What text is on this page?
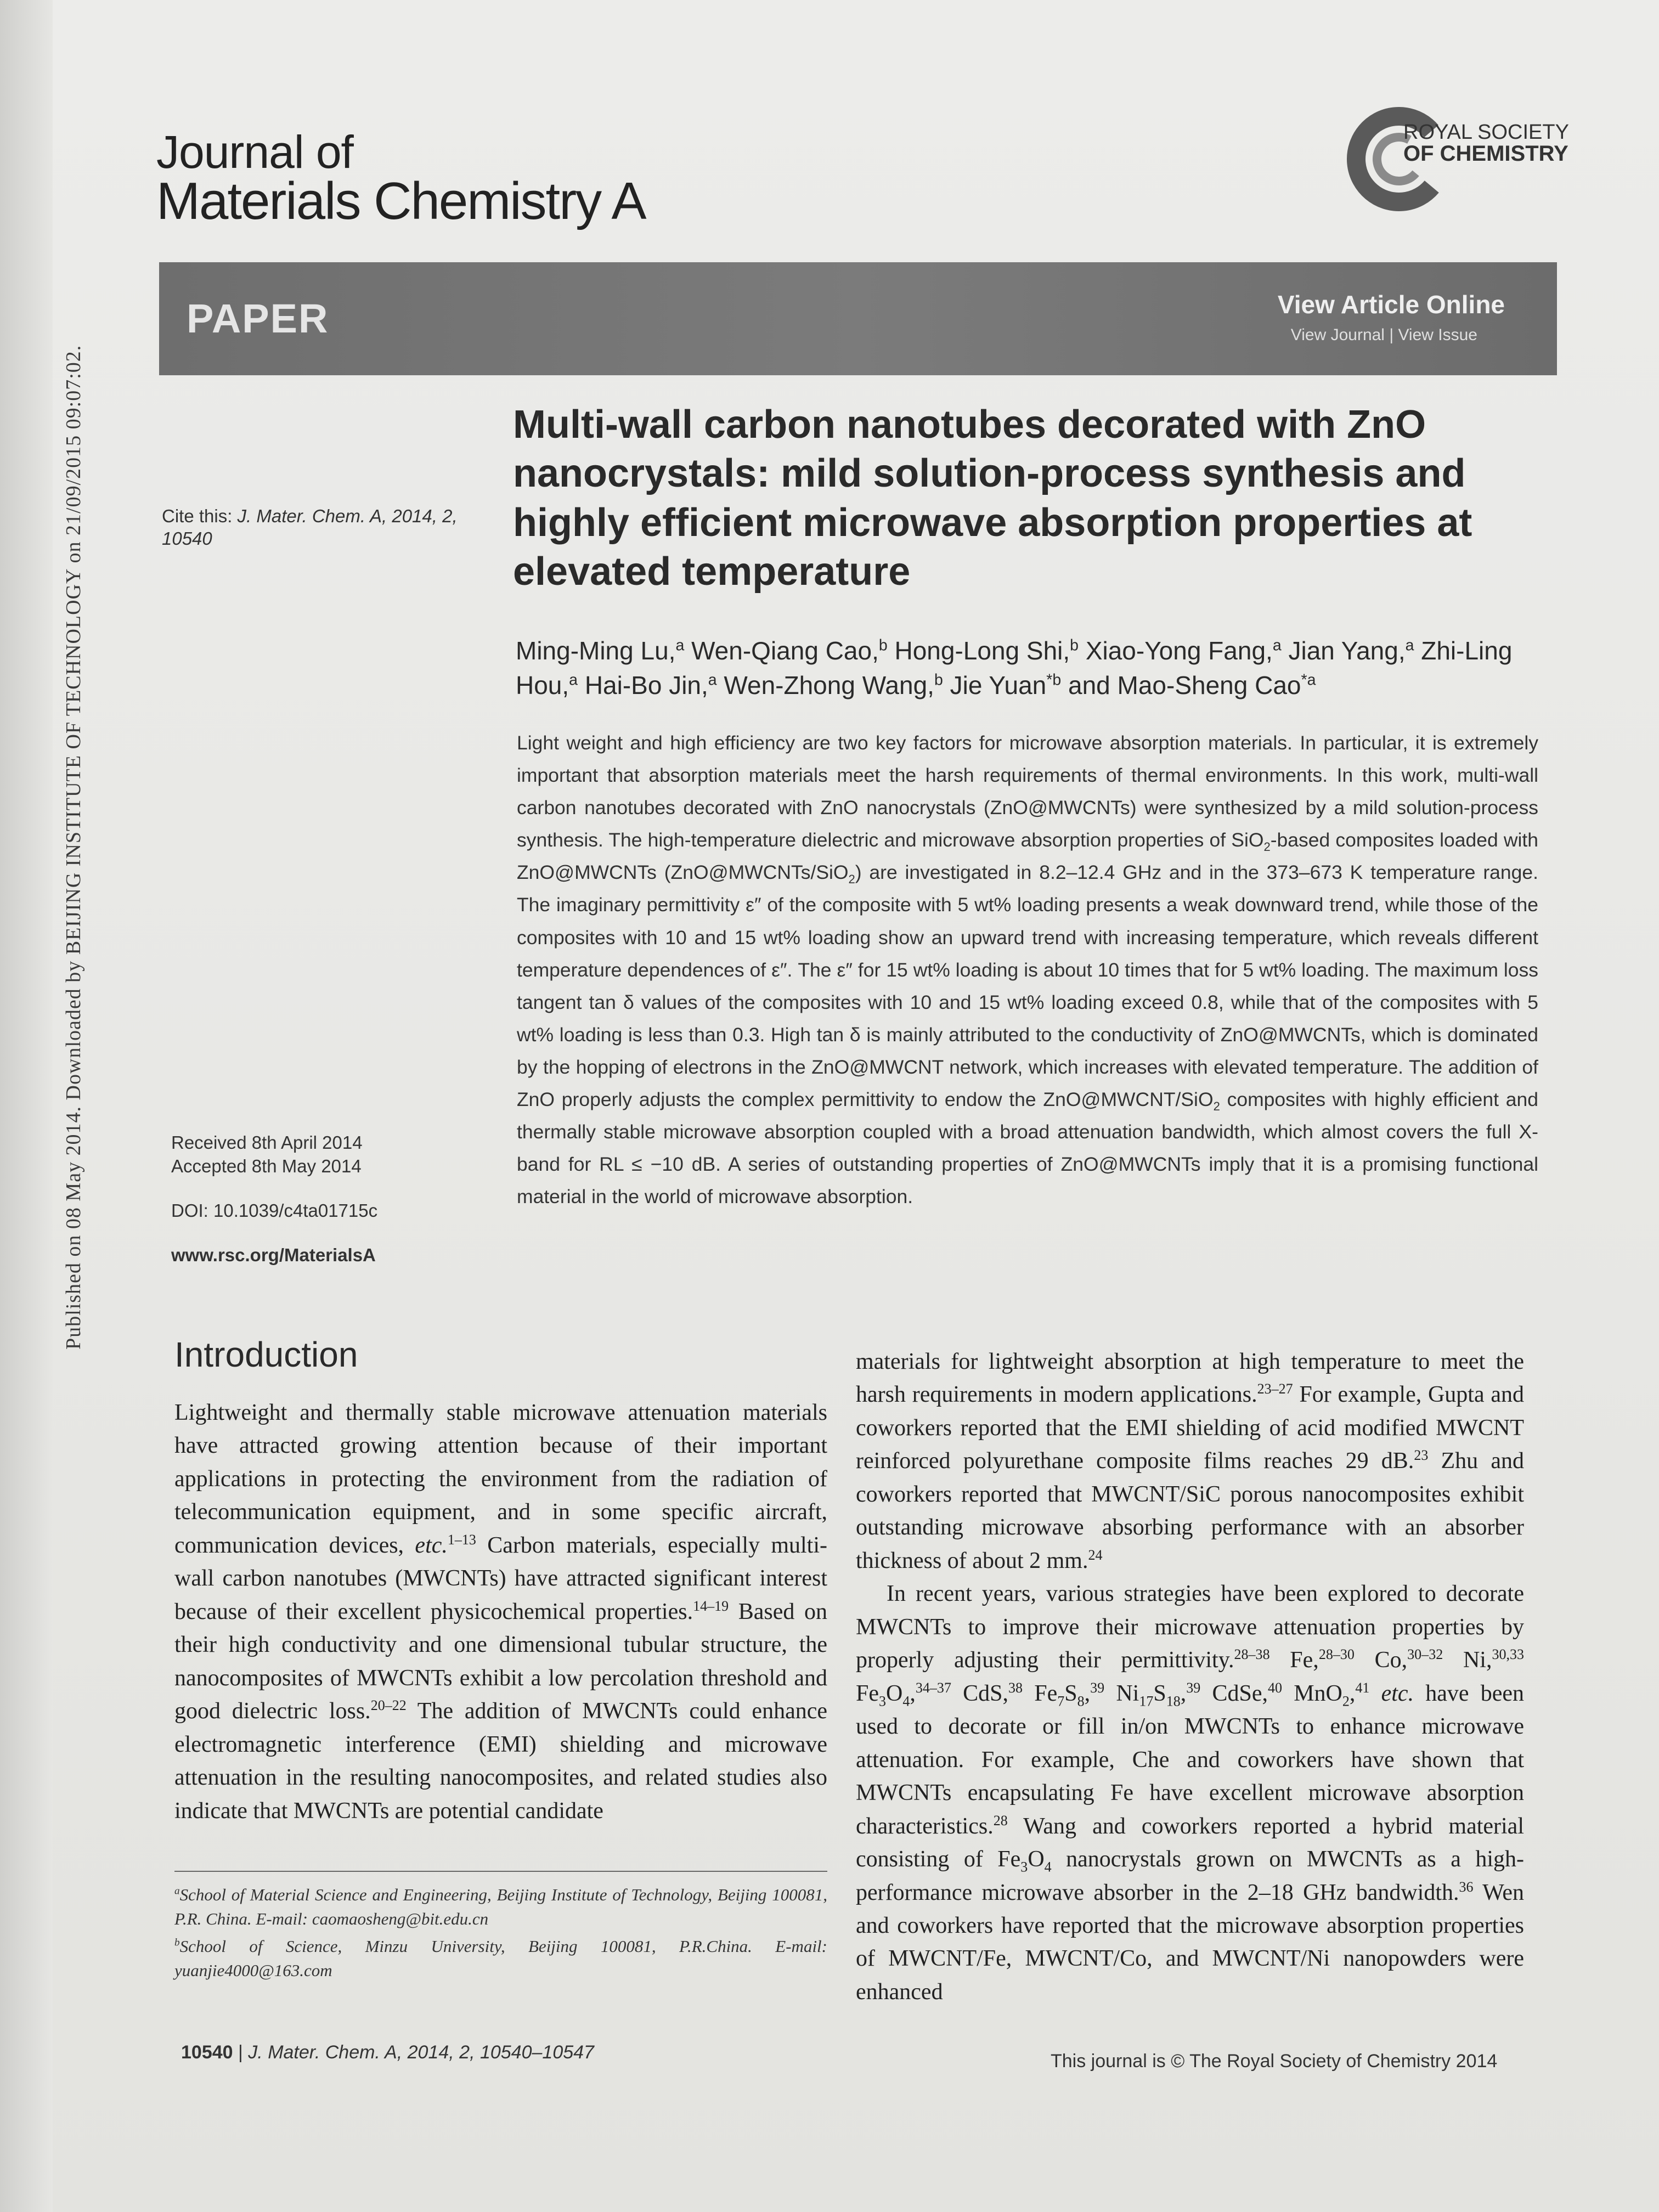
Published on 08 May 2014. Downloaded by BEIJING INSTITUTE OF TECHNOLOGY on 21/09/2015 09:07:02.
Journal of
Materials Chemistry A
ROYAL SOCIETY
OF CHEMISTRY
PAPER	View Article Online
View Journal | View Issue
Cite this: J. Mater. Chem. A, 2014, 2, 10540
Multi-wall carbon nanotubes decorated with ZnO nanocrystals: mild solution-process synthesis and highly efficient microwave absorption properties at elevated temperature
Ming-Ming Lu,$^a$ Wen-Qiang Cao,$^b$ Hong-Long Shi,$^b$ Xiao-Yong Fang,$^a$ Jian Yang,$^a$ Zhi-Ling Hou,$^a$ Hai-Bo Jin,$^a$ Wen-Zhong Wang,$^b$ Jie Yuan$^{*b}$ and Mao-Sheng Cao$^{*a}$
Light weight and high efficiency are two key factors for microwave absorption materials. In particular, it is extremely important that absorption materials meet the harsh requirements of thermal environments. In this work, multi-wall carbon nanotubes decorated with ZnO nanocrystals (ZnO@MWCNTs) were synthesized by a mild solution-process synthesis. The high-temperature dielectric and microwave absorption properties of SiO$_2$-based composites loaded with ZnO@MWCNTs (ZnO@MWCNTs/SiO$_2$) are investigated in 8.2–12.4 GHz and in the 373–673 K temperature range. The imaginary permittivity ε″ of the composite with 5 wt% loading presents a weak downward trend, while those of the composites with 10 and 15 wt% loading show an upward trend with increasing temperature, which reveals different temperature dependences of ε″. The ε″ for 15 wt% loading is about 10 times that for 5 wt% loading. The maximum loss tangent tan δ values of the composites with 10 and 15 wt% loading exceed 0.8, while that of the composites with 5 wt% loading is less than 0.3. High tan δ is mainly attributed to the conductivity of ZnO@MWCNTs, which is dominated by the hopping of electrons in the ZnO@MWCNT network, which increases with elevated temperature. The addition of ZnO properly adjusts the complex permittivity to endow the ZnO@MWCNT/SiO$_2$ composites with highly efficient and thermally stable microwave absorption coupled with a broad attenuation bandwidth, which almost covers the full X-band for RL ≤ −10 dB. A series of outstanding properties of ZnO@MWCNTs imply that it is a promising functional material in the world of microwave absorption.
Received 8th April 2014
Accepted 8th May 2014
DOI: 10.1039/c4ta01715c
www.rsc.org/MaterialsA
Introduction

Lightweight and thermally stable microwave attenuation materials have attracted growing attention because of their important applications in protecting the environment from the radiation of telecommunication equipment, and in some specific aircraft, communication devices, etc.$^{1-13}$ Carbon materials, especially multi-wall carbon nanotubes (MWCNTs) have attracted significant interest because of their excellent physicochemical properties.$^{14-19}$ Based on their high conductivity and one dimensional tubular structure, the nanocomposites of MWCNTs exhibit a low percolation threshold and good dielectric loss.$^{20-22}$ The addition of MWCNTs could enhance electromagnetic interference (EMI) shielding and microwave attenuation in the resulting nanocomposites, and related studies also indicate that MWCNTs are potential candidate

materials for lightweight absorption at high temperature to meet the harsh requirements in modern applications.$^{23-27}$ For example, Gupta and coworkers reported that the EMI shielding of acid modified MWCNT reinforced polyurethane composite films reaches 29 dB.$^{23}$ Zhu and coworkers reported that MWCNT/SiC porous nanocomposites exhibit outstanding microwave absorbing performance with an absorber thickness of about 2 mm.$^{24}$

In recent years, various strategies have been explored to decorate MWCNTs to improve their microwave attenuation properties by properly adjusting their permittivity.$^{28-38}$ Fe,$^{28-30}$ Co,$^{30-32}$ Ni,$^{30,33}$ $Fe_3O_4,^{34-37}$ CdS,$^{38}$ $Fe_7S_8,^{39}$ $Ni_{17}S_{18},^{39}$ CdSe,$^{40}$ MnO$_2$,$^{41}$ etc. have been used to decorate or fill in/on MWCNTs to enhance microwave attenuation. For example, Che and coworkers have shown that MWCNTs encapsulating Fe have excellent microwave absorption characteristics.$^{28}$ Wang and coworkers reported a hybrid material consisting of $Fe_3O_4$ nanocrystals grown on MWCNTs as a high-performance microwave absorber in the 2–18 GHz bandwidth.$^{36}$ Wen and coworkers have reported that the microwave absorption properties of MWCNT/Fe, MWCNT/Co, and MWCNT/Ni nanopowders were enhanced

$^a$School of Material Science and Engineering, Beijing Institute of Technology, Beijing 100081, P.R. China. E-mail: caomaosheng@bit.edu.cn

$^b$School of Science, Minzu University, Beijing 100081, P.R.China. E-mail: yuanjie4000@163.com

10540 | J. Mater. Chem. A, 2014, 2, 10540–10547	This journal is © The Royal Society of Chemistry 2014
